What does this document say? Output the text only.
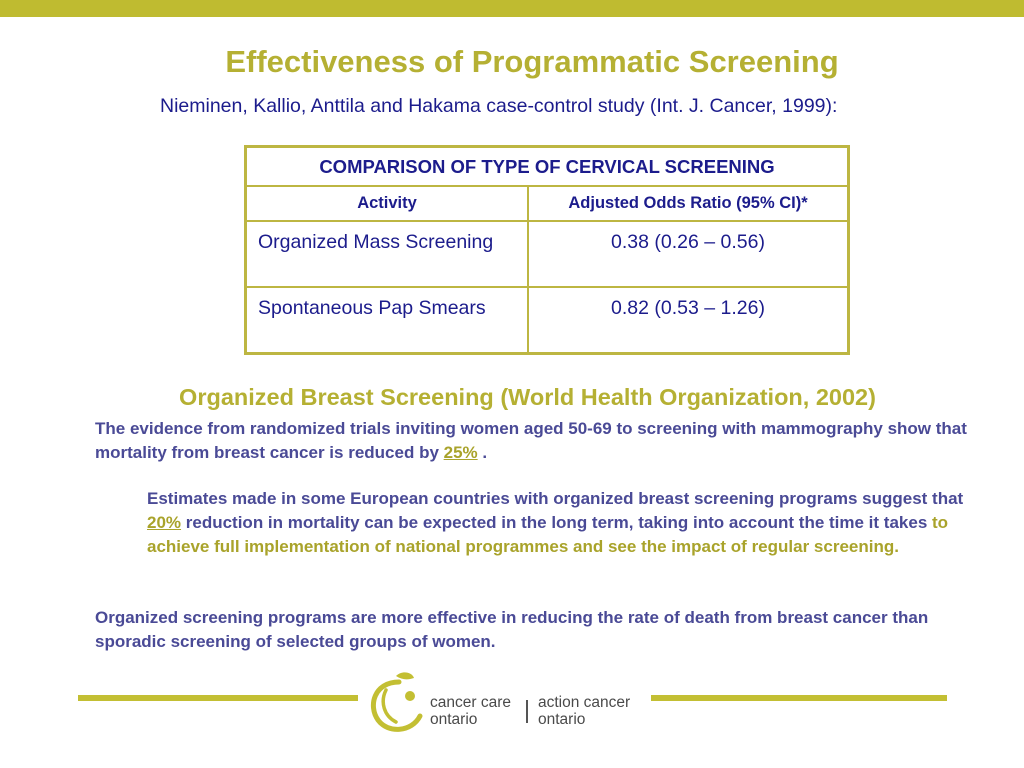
Effectiveness of Programmatic Screening
Nieminen, Kallio, Anttila and Hakama case-control study (Int. J. Cancer, 1999):
COMPARISON OF TYPE OF CERVICAL SCREENING	
Activity	Adjusted Odds Ratio (95% CI)*
Organized Mass Screening	0.38 (0.26 – 0.56)
Spontaneous Pap Smears	0.82 (0.53 – 1.26)
Organized Breast Screening (World Health Organization, 2002)
The evidence from randomized trials inviting women aged 50-69 to screening with mammography show that mortality from breast cancer is reduced by 25% .
Estimates made in some European countries with organized breast screening programs suggest that 20% reduction in mortality can be expected in the long term, taking into account the time it takes to achieve full implementation of national programmes and see the impact of regular screening.
Organized screening programs are more effective in reducing the rate of death from breast cancer than sporadic screening of selected groups of women.
cancer care
ontario
action cancer
ontario
